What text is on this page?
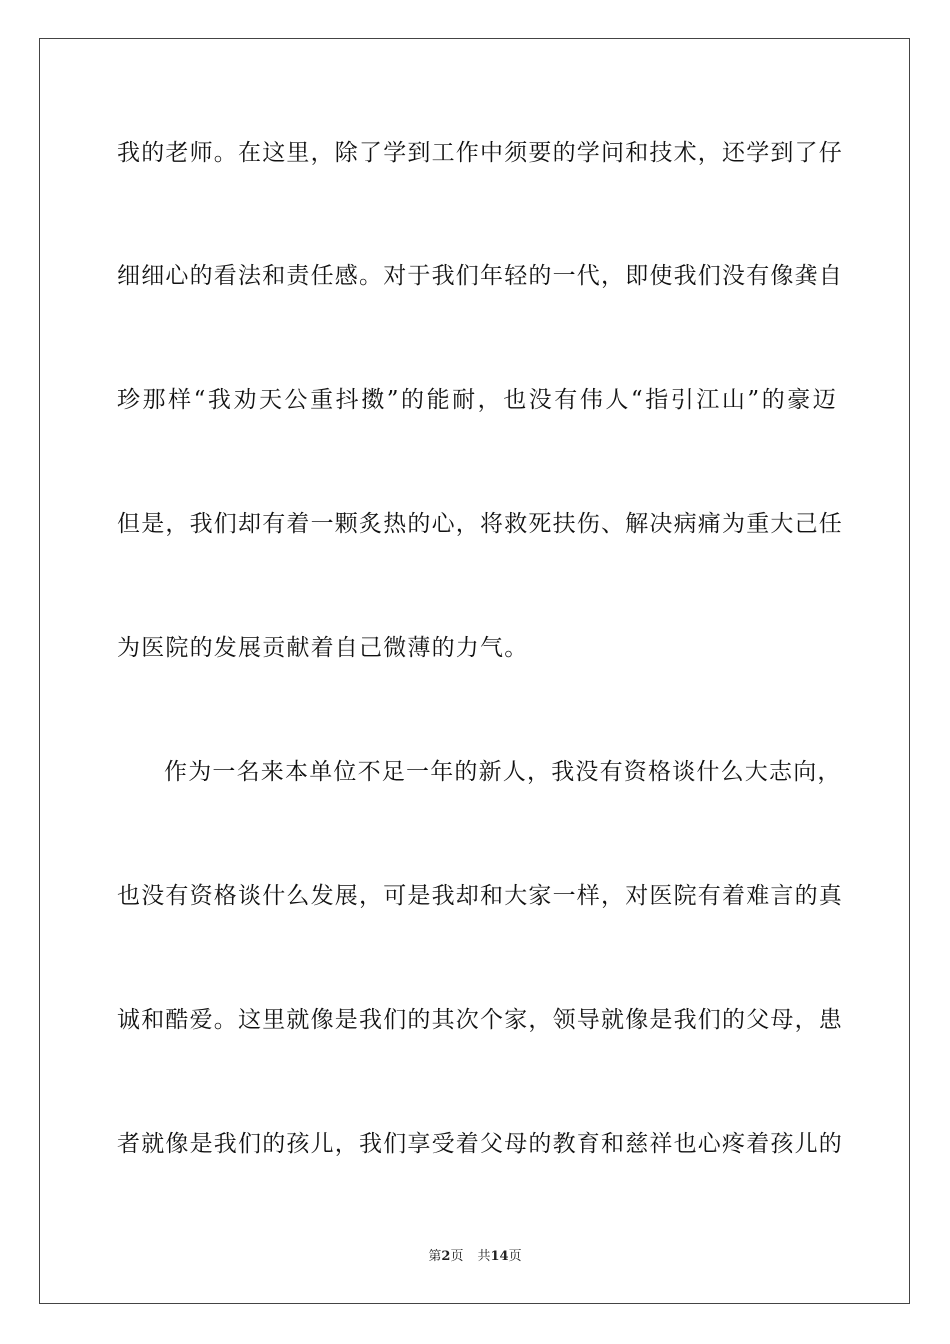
我的老师。在这里，除了学到工作中须要的学问和技术，还学到了仔

细细心的看法和责任感。对于我们年轻的一代，即使我们没有像龚自

珍那样“我劝天公重抖擞”的能耐，也没有伟人“指引江山”的豪迈

但是，我们却有着一颗炙热的心，将救死扶伤、解决病痛为重大己任

为医院的发展贡献着自己微薄的力气。

作为一名来本单位不足一年的新人，我没有资格谈什么大志向，

也没有资格谈什么发展，可是我却和大家一样，对医院有着难言的真

诚和酷爱。这里就像是我们的其次个家，领导就像是我们的父母，患

者就像是我们的孩儿，我们享受着父母的教育和慈祥也心疼着孩儿的

第2页 共14页
